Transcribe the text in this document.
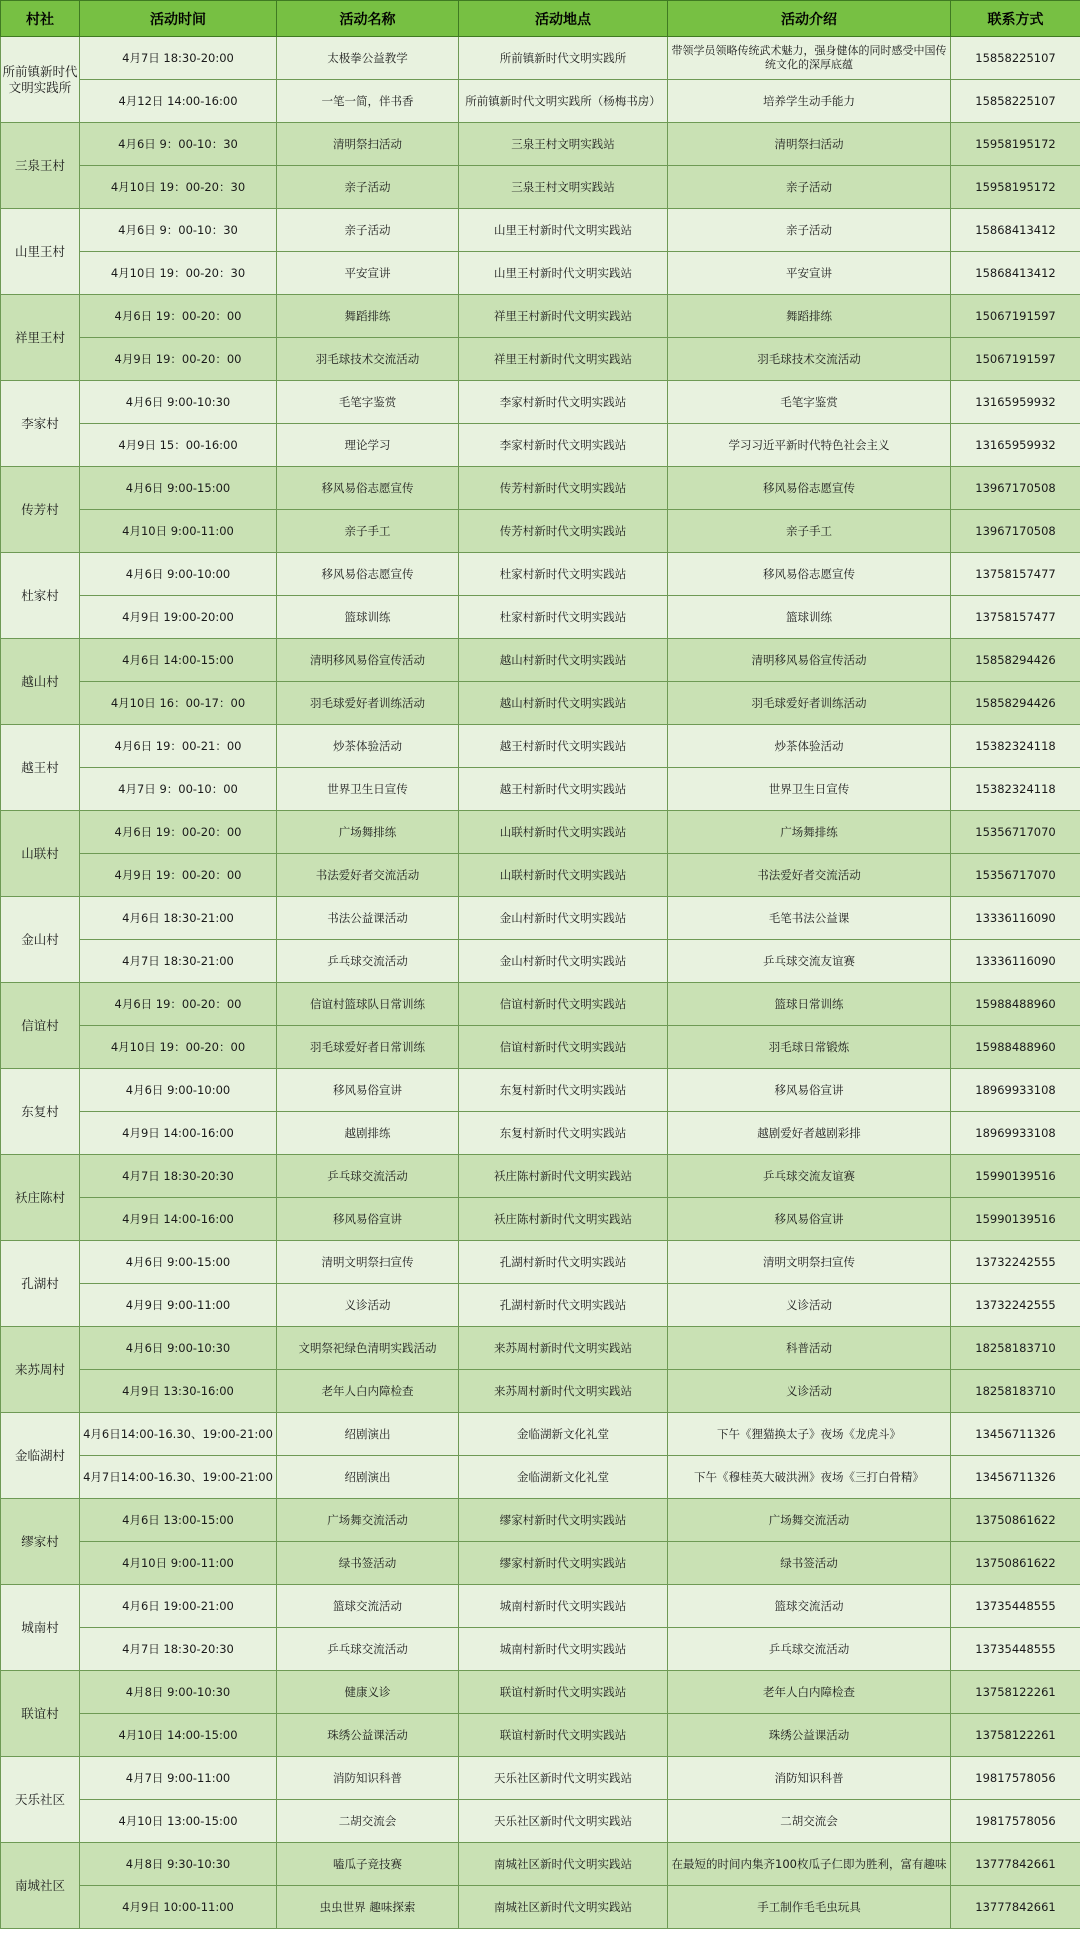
村社	活动时间	活动名称	活动地点	活动介绍	联系方式
所前镇新时代文明实践所	4月7日 18:30-20:00	太极拳公益教学	所前镇新时代文明实践所	带领学员领略传统武术魅力，强身健体的同时感受中国传统文化的深厚底蕴	15858225107
	4月12日 14:00-16:00	一笔一简，伴书香	所前镇新时代文明实践所（杨梅书房）	培养学生动手能力	15858225107
三泉王村	4月6日 9：00-10：30	清明祭扫活动	三泉王村文明实践站	清明祭扫活动	15958195172
	4月10日 19：00-20：30	亲子活动	三泉王村文明实践站	亲子活动	15958195172
山里王村	4月6日 9：00-10：30	亲子活动	山里王村新时代文明实践站	亲子活动	15868413412
	4月10日 19：00-20：30	平安宣讲	山里王村新时代文明实践站	平安宣讲	15868413412
祥里王村	4月6日 19：00-20：00	舞蹈排练	祥里王村新时代文明实践站	舞蹈排练	15067191597
	4月9日 19：00-20：00	羽毛球技术交流活动	祥里王村新时代文明实践站	羽毛球技术交流活动	15067191597
李家村	4月6日 9:00-10:30	毛笔字鉴赏	李家村新时代文明实践站	毛笔字鉴赏	13165959932
	4月9日 15：00-16:00	理论学习	李家村新时代文明实践站	学习习近平新时代特色社会主义	13165959932
传芳村	4月6日 9:00-15:00	移风易俗志愿宣传	传芳村新时代文明实践站	移风易俗志愿宣传	13967170508
	4月10日 9:00-11:00	亲子手工	传芳村新时代文明实践站	亲子手工	13967170508
杜家村	4月6日 9:00-10:00	移风易俗志愿宣传	杜家村新时代文明实践站	移风易俗志愿宣传	13758157477
	4月9日 19:00-20:00	篮球训练	杜家村新时代文明实践站	篮球训练	13758157477
越山村	4月6日 14:00-15:00	清明移风易俗宣传活动	越山村新时代文明实践站	清明移风易俗宣传活动	15858294426
	4月10日 16：00-17：00	羽毛球爱好者训练活动	越山村新时代文明实践站	羽毛球爱好者训练活动	15858294426
越王村	4月6日 19：00-21：00	炒茶体验活动	越王村新时代文明实践站	炒茶体验活动	15382324118
	4月7日 9：00-10：00	世界卫生日宣传	越王村新时代文明实践站	世界卫生日宣传	15382324118
山联村	4月6日 19：00-20：00	广场舞排练	山联村新时代文明实践站	广场舞排练	15356717070
	4月9日 19：00-20：00	书法爱好者交流活动	山联村新时代文明实践站	书法爱好者交流活动	15356717070
金山村	4月6日 18:30-21:00	书法公益课活动	金山村新时代文明实践站	毛笔书法公益课	13336116090
	4月7日 18:30-21:00	乒乓球交流活动	金山村新时代文明实践站	乒乓球交流友谊赛	13336116090
信谊村	4月6日 19：00-20：00	信谊村篮球队日常训练	信谊村新时代文明实践站	篮球日常训练	15988488960
	4月10日 19：00-20：00	羽毛球爱好者日常训练	信谊村新时代文明实践站	羽毛球日常锻炼	15988488960
东复村	4月6日 9:00-10:00	移风易俗宣讲	东复村新时代文明实践站	移风易俗宣讲	18969933108
	4月9日 14:00-16:00	越剧排练	东复村新时代文明实践站	越剧爱好者越剧彩排	18969933108
袄庄陈村	4月7日 18:30-20:30	乒乓球交流活动	袄庄陈村新时代文明实践站	乒乓球交流友谊赛	15990139516
	4月9日 14:00-16:00	移风易俗宣讲	袄庄陈村新时代文明实践站	移风易俗宣讲	15990139516
孔湖村	4月6日 9:00-15:00	清明文明祭扫宣传	孔湖村新时代文明实践站	清明文明祭扫宣传	13732242555
	4月9日 9:00-11:00	义诊活动	孔湖村新时代文明实践站	义诊活动	13732242555
来苏周村	4月6日 9:00-10:30	文明祭祀绿色清明实践活动	来苏周村新时代文明实践站	科普活动	18258183710
	4月9日 13:30-16:00	老年人白内障检查	来苏周村新时代文明实践站	义诊活动	18258183710
金临湖村	4月6日14:00-16.30、19:00-21:00	绍剧演出	金临湖新文化礼堂	下午《狸猫换太子》夜场《龙虎斗》	13456711326
	4月7日14:00-16.30、19:00-21:00	绍剧演出	金临湖新文化礼堂	下午《穆桂英大破洪洲》夜场《三打白骨精》	13456711326
缪家村	4月6日 13:00-15:00	广场舞交流活动	缪家村新时代文明实践站	广场舞交流活动	13750861622
	4月10日 9:00-11:00	绿书签活动	缪家村新时代文明实践站	绿书签活动	13750861622
城南村	4月6日 19:00-21:00	篮球交流活动	城南村新时代文明实践站	篮球交流活动	13735448555
	4月7日 18:30-20:30	乒乓球交流活动	城南村新时代文明实践站	乒乓球交流活动	13735448555
联谊村	4月8日 9:00-10:30	健康义诊	联谊村新时代文明实践站	老年人白内障检查	13758122261
	4月10日 14:00-15:00	珠绣公益课活动	联谊村新时代文明实践站	珠绣公益课活动	13758122261
天乐社区	4月7日 9:00-11:00	消防知识科普	天乐社区新时代文明实践站	消防知识科普	19817578056
	4月10日 13:00-15:00	二胡交流会	天乐社区新时代文明实践站	二胡交流会	19817578056
南城社区	4月8日 9:30-10:30	嗑瓜子竞技赛	南城社区新时代文明实践站	在最短的时间内集齐100枚瓜子仁即为胜利，富有趣味	13777842661
	4月9日 10:00-11:00	虫虫世界 趣味探索	南城社区新时代文明实践站	手工制作毛毛虫玩具	13777842661
